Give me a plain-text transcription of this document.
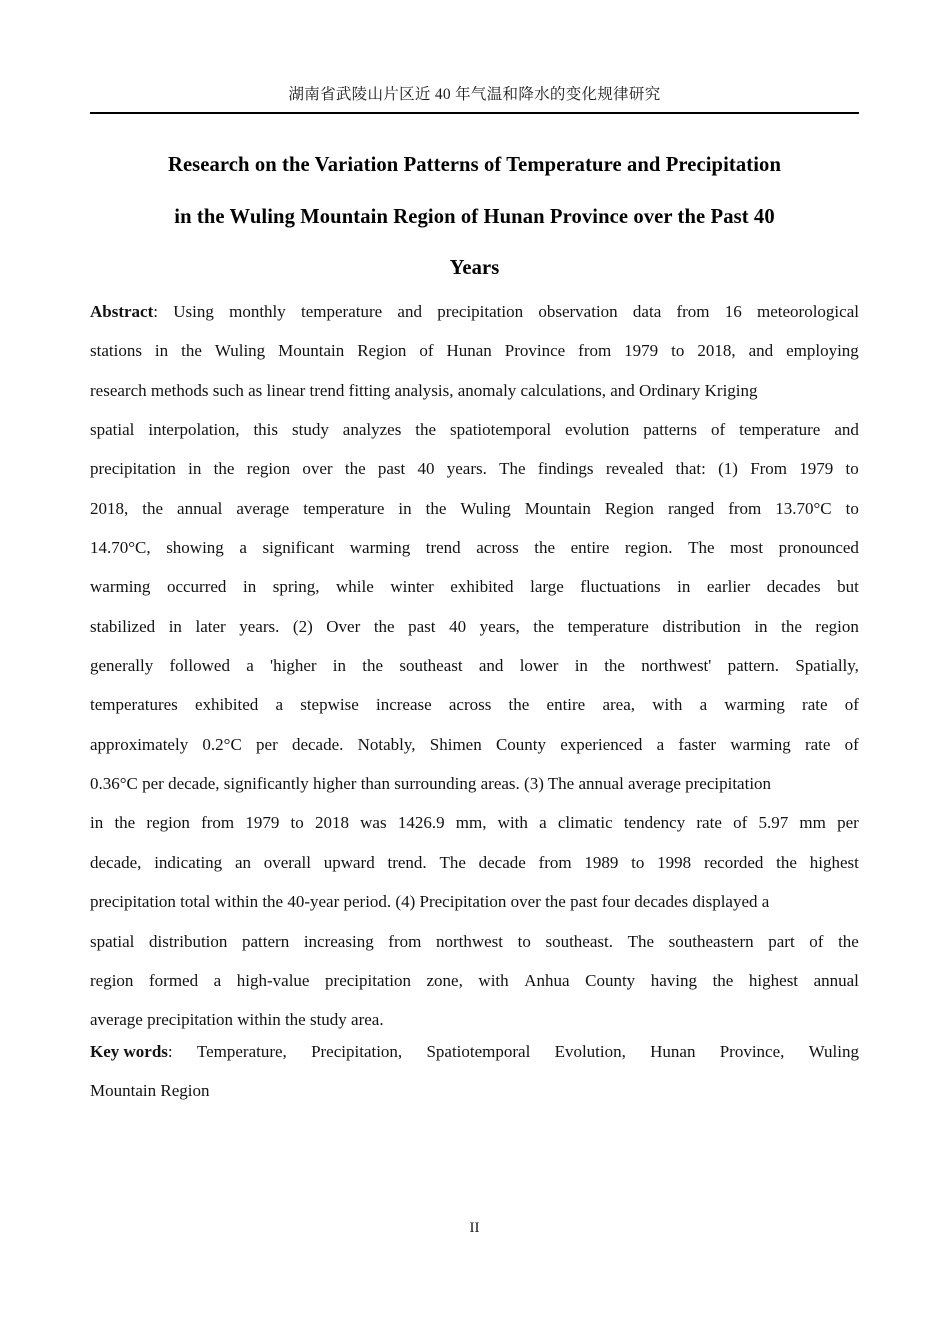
湖南省武陵山片区近 40 年气温和降水的变化规律研究
Research on the Variation Patterns of Temperature and Precipitation
in the Wuling Mountain Region of Hunan Province over the Past 40
Years
Abstract: Using monthly temperature and precipitation observation data from 16 meteorological
stations in the Wuling Mountain Region of Hunan Province from 1979 to 2018, and employing
research methods such as linear trend fitting analysis, anomaly calculations, and Ordinary Kriging
spatial interpolation, this study analyzes the spatiotemporal evolution patterns of temperature and
precipitation in the region over the past 40 years. The findings revealed that: (1) From 1979 to
2018, the annual average temperature in the Wuling Mountain Region ranged from 13.70°C to
14.70°C, showing a significant warming trend across the entire region. The most pronounced
warming occurred in spring, while winter exhibited large fluctuations in earlier decades but
stabilized in later years. (2) Over the past 40 years, the temperature distribution in the region
generally followed a 'higher in the southeast and lower in the northwest' pattern. Spatially,
temperatures exhibited a stepwise increase across the entire area, with a warming rate of
approximately 0.2°C per decade. Notably, Shimen County experienced a faster warming rate of
0.36°C per decade, significantly higher than surrounding areas. (3) The annual average precipitation
in the region from 1979 to 2018 was 1426.9 mm, with a climatic tendency rate of 5.97 mm per
decade, indicating an overall upward trend. The decade from 1989 to 1998 recorded the highest
precipitation total within the 40-year period. (4) Precipitation over the past four decades displayed a
spatial distribution pattern increasing from northwest to southeast. The southeastern part of the
region formed a high-value precipitation zone, with Anhua County having the highest annual
average precipitation within the study area.
Key words: Temperature, Precipitation, Spatiotemporal Evolution, Hunan Province, Wuling
Mountain Region
II
